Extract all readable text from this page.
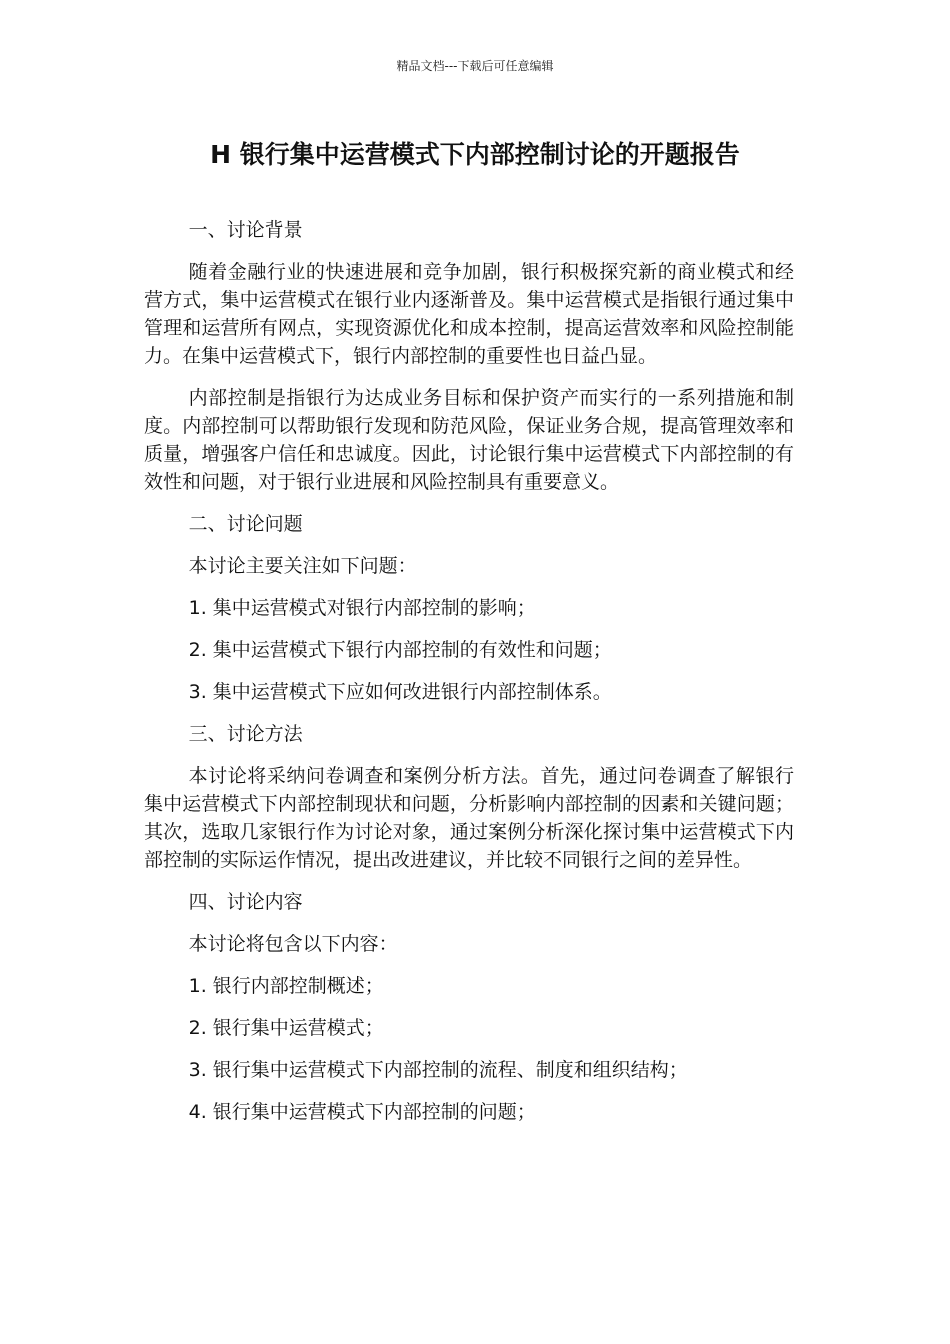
精品文档---下载后可任意编辑
H 银行集中运营模式下内部控制讨论的开题报告

一、讨论背景

随着金融行业的快速进展和竞争加剧，银行积极探究新的商业模式和经营方式，集中运营模式在银行业内逐渐普及。集中运营模式是指银行通过集中管理和运营所有网点，实现资源优化和成本控制，提高运营效率和风险控制能力。在集中运营模式下，银行内部控制的重要性也日益凸显。

内部控制是指银行为达成业务目标和保护资产而实行的一系列措施和制度。内部控制可以帮助银行发现和防范风险，保证业务合规，提高管理效率和质量，增强客户信任和忠诚度。因此，讨论银行集中运营模式下内部控制的有效性和问题，对于银行业进展和风险控制具有重要意义。

二、讨论问题

本讨论主要关注如下问题：

1. 集中运营模式对银行内部控制的影响；

2. 集中运营模式下银行内部控制的有效性和问题；

3. 集中运营模式下应如何改进银行内部控制体系。

三、讨论方法

本讨论将采纳问卷调查和案例分析方法。首先，通过问卷调查了解银行集中运营模式下内部控制现状和问题，分析影响内部控制的因素和关键问题；其次，选取几家银行作为讨论对象，通过案例分析深化探讨集中运营模式下内部控制的实际运作情况，提出改进建议，并比较不同银行之间的差异性。

四、讨论内容

本讨论将包含以下内容：

1. 银行内部控制概述；

2. 银行集中运营模式；

3. 银行集中运营模式下内部控制的流程、制度和组织结构；

4. 银行集中运营模式下内部控制的问题；
